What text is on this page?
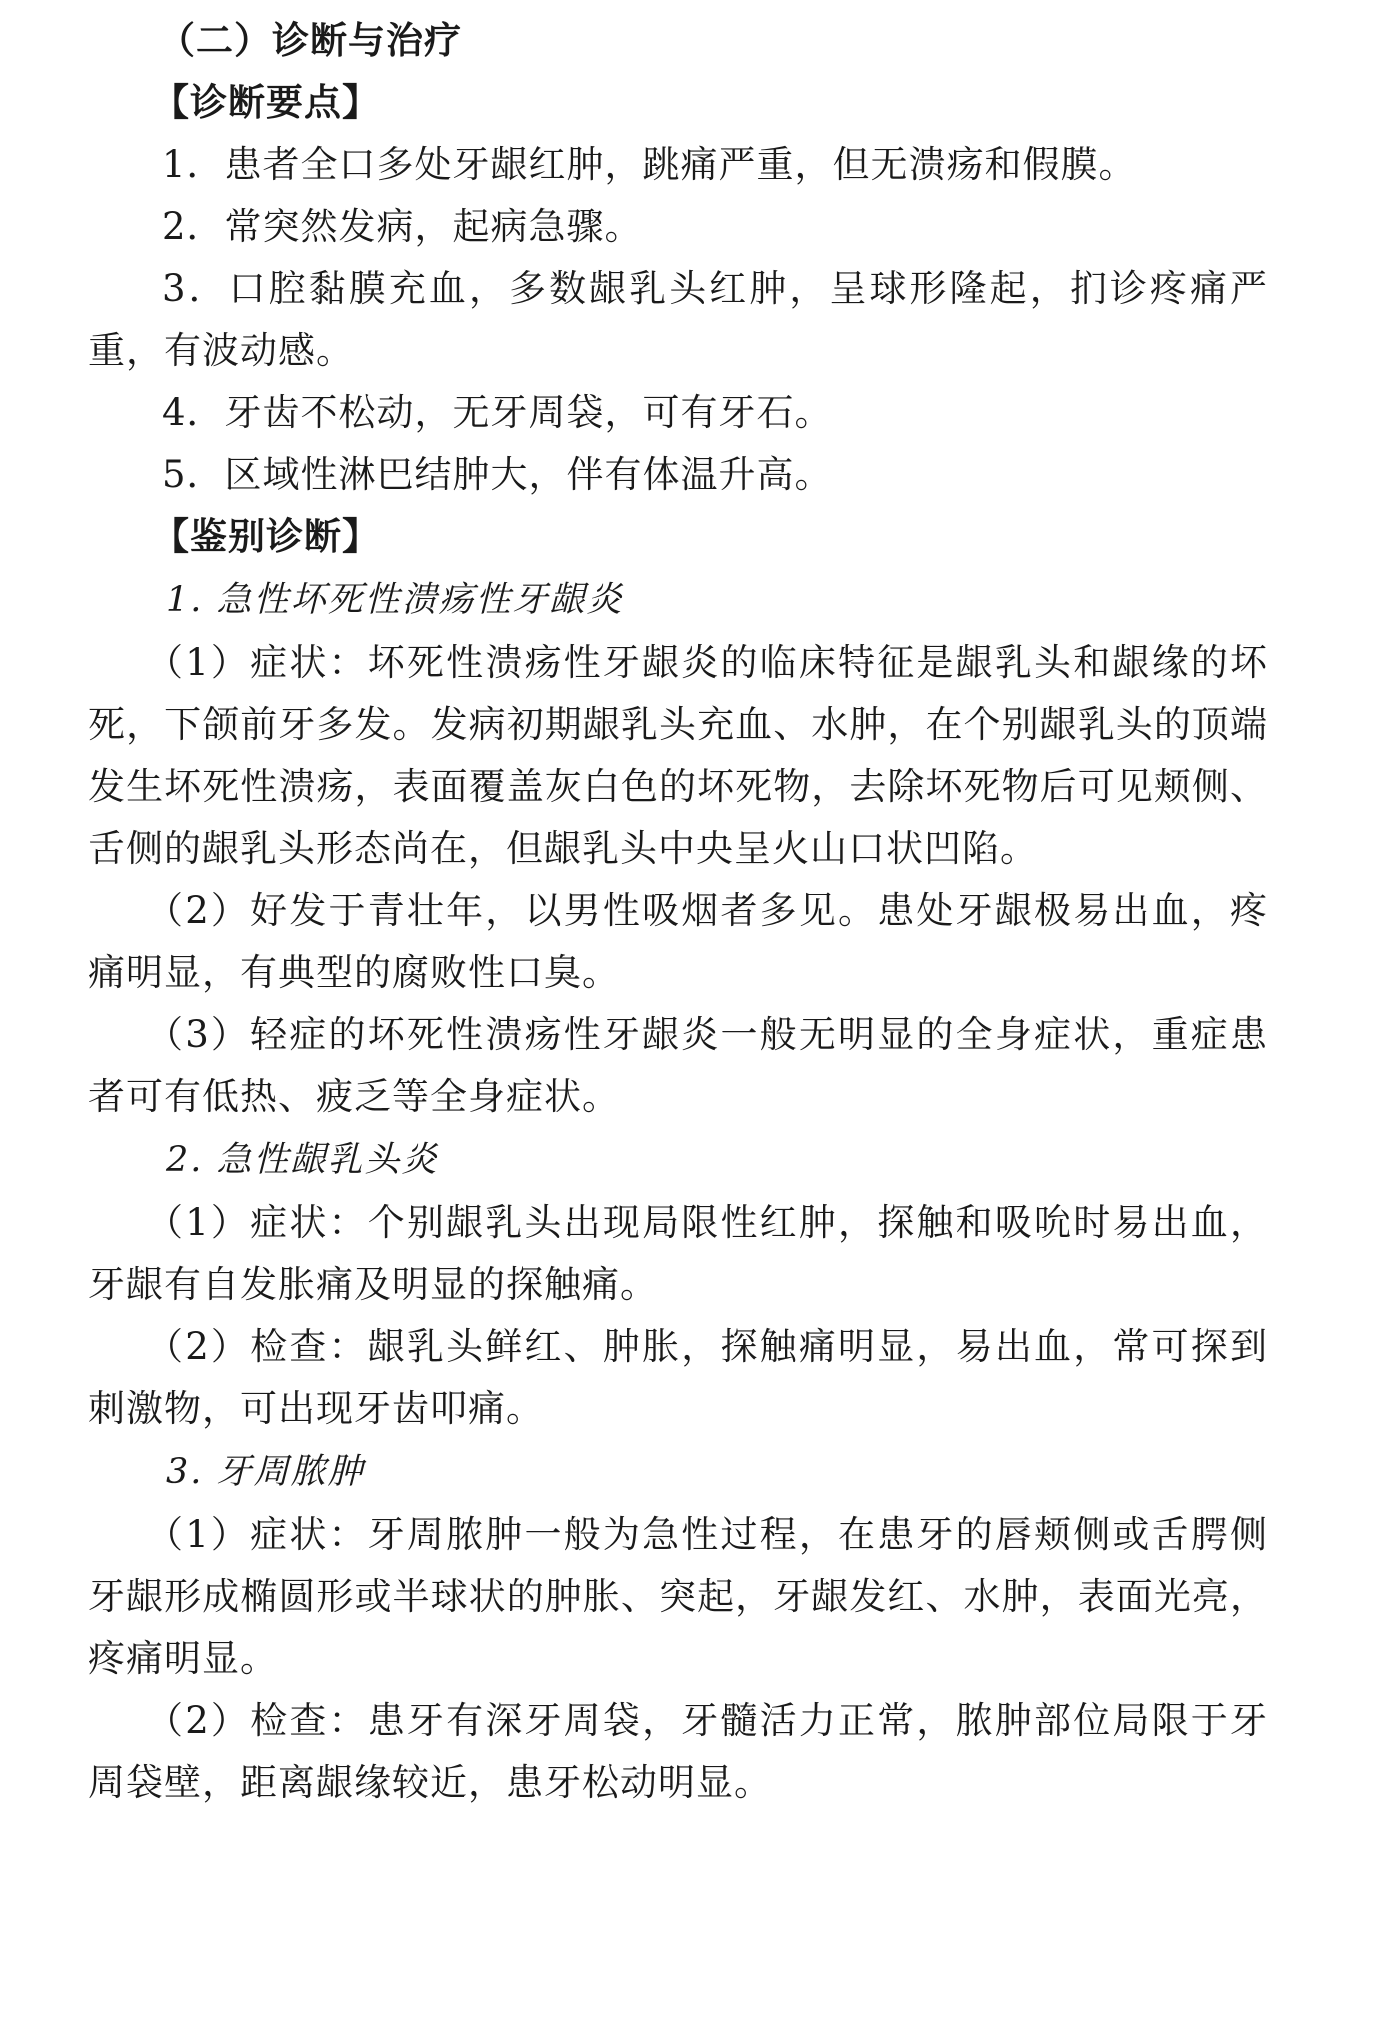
（二）诊断与治疗

【诊断要点】

1．患者全口多处牙龈红肿，跳痛严重，但无溃疡和假膜。

2．常突然发病，起病急骤。

3．口腔黏膜充血，多数龈乳头红肿，呈球形隆起，扪诊疼痛严重，有波动感。

4．牙齿不松动，无牙周袋，可有牙石。

5．区域性淋巴结肿大，伴有体温升高。

【鉴别诊断】

1. 急性坏死性溃疡性牙龈炎

（1）症状：坏死性溃疡性牙龈炎的临床特征是龈乳头和龈缘的坏死，下颌前牙多发。发病初期龈乳头充血、水肿，在个别龈乳头的顶端发生坏死性溃疡，表面覆盖灰白色的坏死物，去除坏死物后可见颊侧、舌侧的龈乳头形态尚在，但龈乳头中央呈火山口状凹陷。

（2）好发于青壮年，以男性吸烟者多见。患处牙龈极易出血，疼痛明显，有典型的腐败性口臭。

（3）轻症的坏死性溃疡性牙龈炎一般无明显的全身症状，重症患者可有低热、疲乏等全身症状。

2. 急性龈乳头炎

（1）症状：个别龈乳头出现局限性红肿，探触和吸吮时易出血，牙龈有自发胀痛及明显的探触痛。

（2）检查：龈乳头鲜红、肿胀，探触痛明显，易出血，常可探到刺激物，可出现牙齿叩痛。

3. 牙周脓肿

（1）症状：牙周脓肿一般为急性过程，在患牙的唇颊侧或舌腭侧牙龈形成椭圆形或半球状的肿胀、突起，牙龈发红、水肿，表面光亮，疼痛明显。

（2）检查：患牙有深牙周袋，牙髓活力正常，脓肿部位局限于牙周袋壁，距离龈缘较近，患牙松动明显。
